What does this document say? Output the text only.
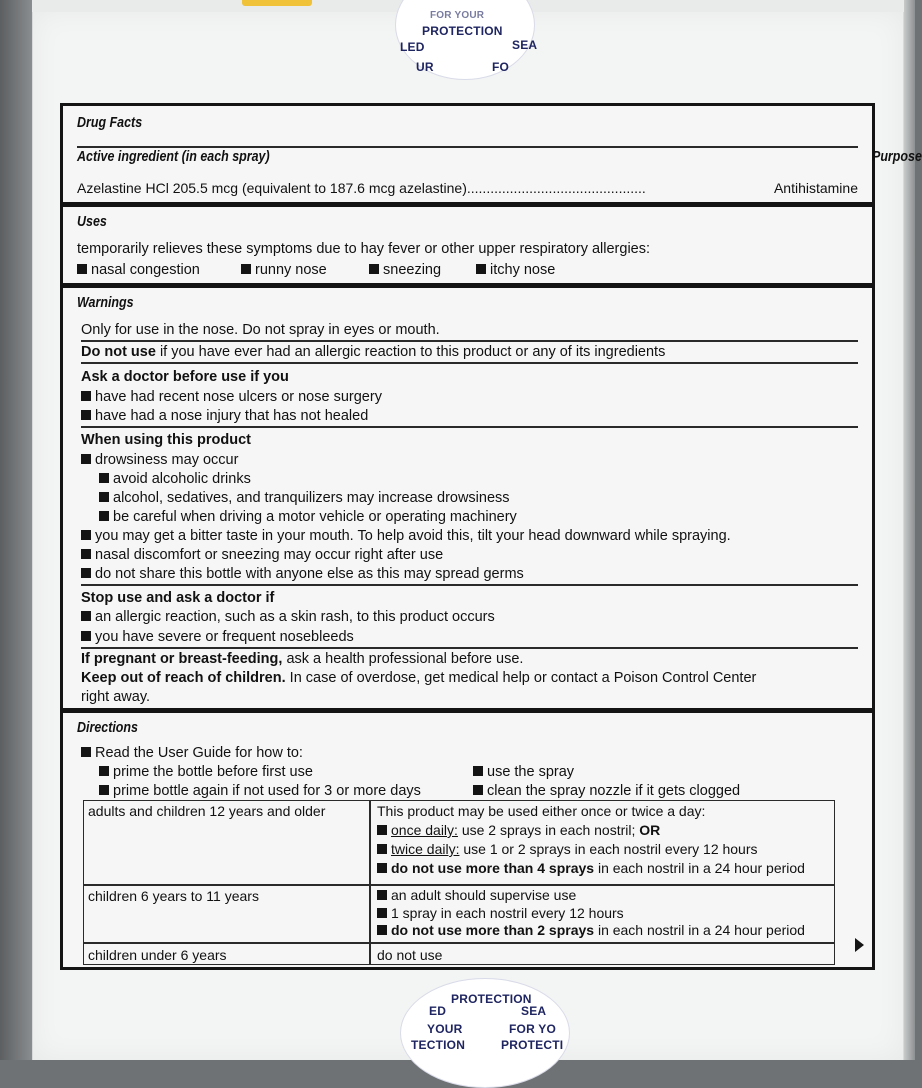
FOR YOUR
PROTECTION
LED	SEA
UR	FO
PROTECTION
ED	SEA
YOUR	FOR YO
TECTION	PROTECTI
Drug Facts
Active ingredient (in each spray)	Purpose
Azelastine HCl 205.5 mcg (equivalent to 187.6 mcg azelastine)..............................................	Antihistamine
Uses
temporarily relieves these symptoms due to hay fever or other upper respiratory allergies:
nasal congestion	runny nose	sneezing	itchy nose
Warnings
Only for use in the nose. Do not spray in eyes or mouth.
Do not use if you have ever had an allergic reaction to this product or any of its ingredients
Ask a doctor before use if you
have had recent nose ulcers or nose surgery
have had a nose injury that has not healed
When using this product
drowsiness may occur
avoid alcoholic drinks
alcohol, sedatives, and tranquilizers may increase drowsiness
be careful when driving a motor vehicle or operating machinery
you may get a bitter taste in your mouth. To help avoid this, tilt your head downward while spraying.
nasal discomfort or sneezing may occur right after use
do not share this bottle with anyone else as this may spread germs
Stop use and ask a doctor if
an allergic reaction, such as a skin rash, to this product occurs
you have severe or frequent nosebleeds
If pregnant or breast-feeding, ask a health professional before use.
Keep out of reach of children. In case of overdose, get medical help or contact a Poison Control Center
right away.
Directions
Read the User Guide for how to:
prime the bottle before first use
prime bottle again if not used for 3 or more days
use the spray
clean the spray nozzle if it gets clogged
adults and children 12 years and older	This product may be used either once or twice a day:
once daily: use 2 sprays in each nostril; OR
twice daily: use 1 or 2 sprays in each nostril every 12 hours
do not use more than 4 sprays in each nostril in a 24 hour period
children 6 years to 11 years	an adult should supervise use
1 spray in each nostril every 12 hours
do not use more than 2 sprays in each nostril in a 24 hour period
children under 6 years	do not use
